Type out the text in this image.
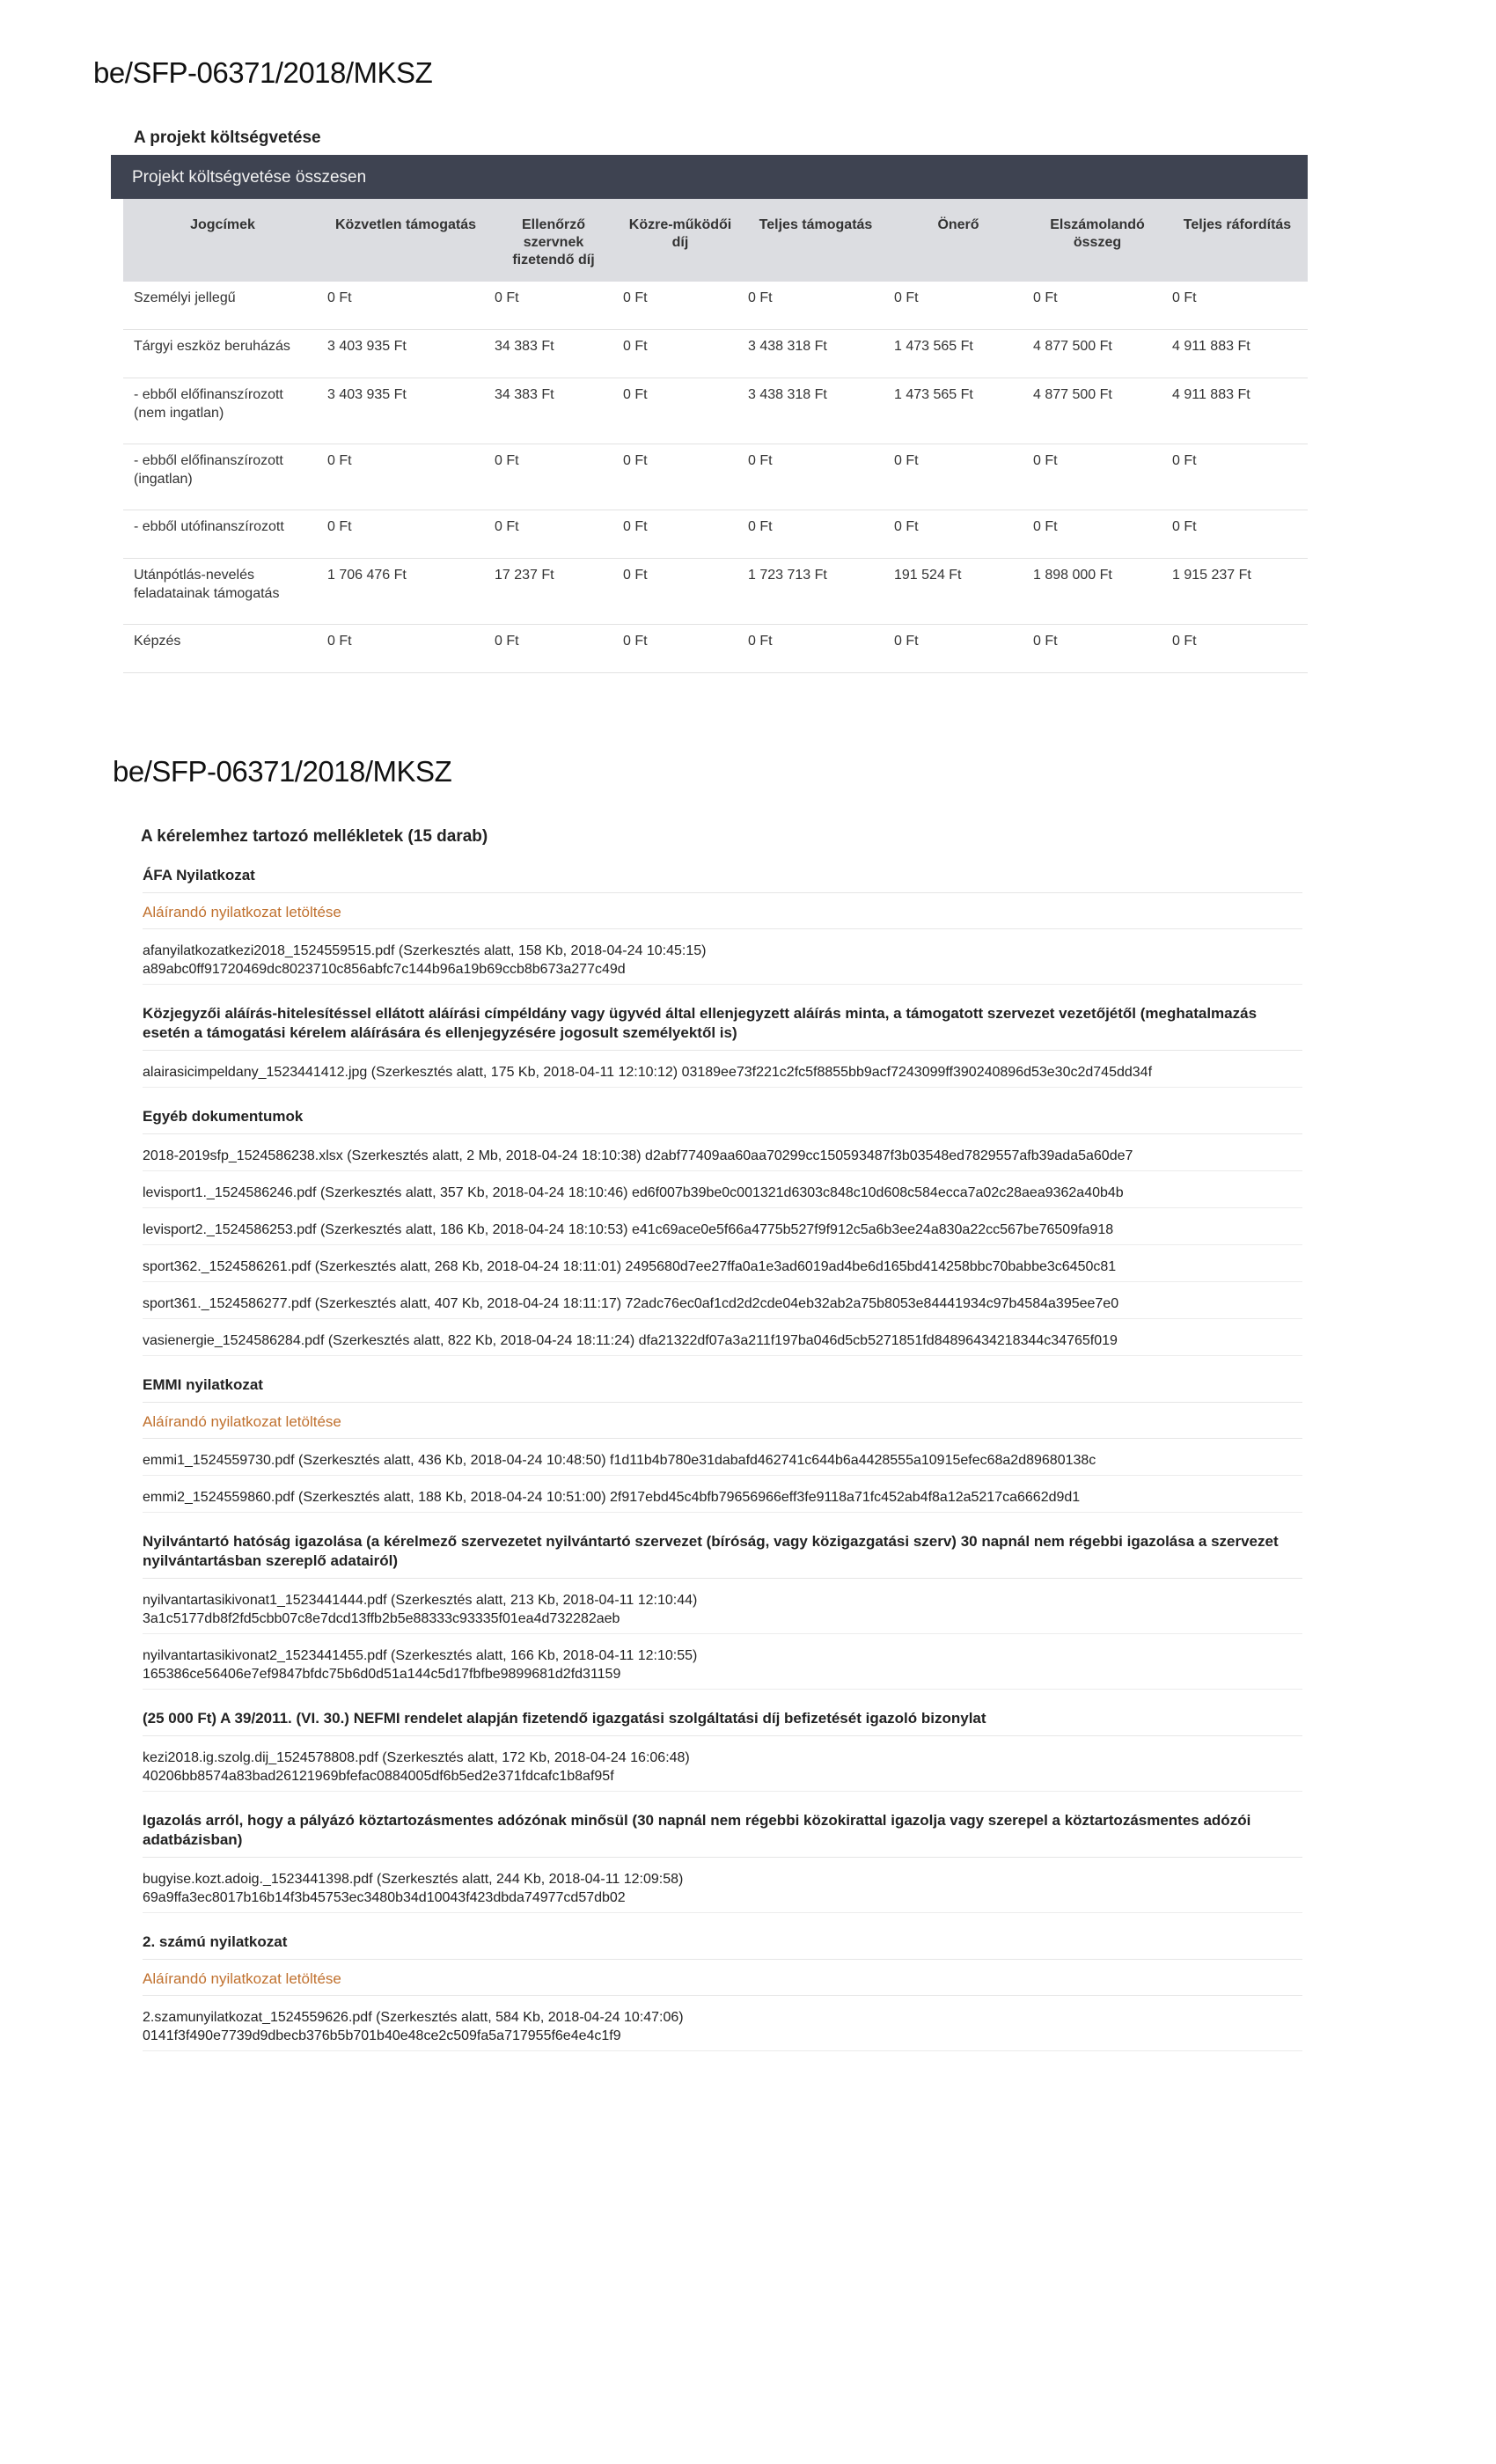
be/SFP-06371/2018/MKSZ
A projekt költségvetése
Projekt költségvetése összesen
Jogcímek	Közvetlen támogatás	Ellenőrző szervnek fizetendő díj	Közre-működői díj	Teljes támogatás	Önerő	Elszámolandó összeg	Teljes ráfordítás
Személyi jellegű	0 Ft	0 Ft	0 Ft	0 Ft	0 Ft	0 Ft	0 Ft
Tárgyi eszköz beruházás	3 403 935 Ft	34 383 Ft	0 Ft	3 438 318 Ft	1 473 565 Ft	4 877 500 Ft	4 911 883 Ft
- ebből előfinanszírozott (nem ingatlan)	3 403 935 Ft	34 383 Ft	0 Ft	3 438 318 Ft	1 473 565 Ft	4 877 500 Ft	4 911 883 Ft
- ebből előfinanszírozott (ingatlan)	0 Ft	0 Ft	0 Ft	0 Ft	0 Ft	0 Ft	0 Ft
- ebből utófinanszírozott	0 Ft	0 Ft	0 Ft	0 Ft	0 Ft	0 Ft	0 Ft
Utánpótlás-nevelés feladatainak támogatás	1 706 476 Ft	17 237 Ft	0 Ft	1 723 713 Ft	191 524 Ft	1 898 000 Ft	1 915 237 Ft
Képzés	0 Ft	0 Ft	0 Ft	0 Ft	0 Ft	0 Ft	0 Ft
be/SFP-06371/2018/MKSZ
A kérelemhez tartozó mellékletek (15 darab)
ÁFA Nyilatkozat
Aláírandó nyilatkozat letöltése
afanyilatkozatkezi2018_1524559515.pdf (Szerkesztés alatt, 158 Kb, 2018-04-24 10:45:15)
a89abc0ff91720469dc8023710c856abfc7c144b96a19b69ccb8b673a277c49d
Közjegyzői aláírás-hitelesítéssel ellátott aláírási címpéldány vagy ügyvéd által ellenjegyzett aláírás minta, a támogatott szervezet vezetőjétől (meghatalmazás esetén a támogatási kérelem aláírására és ellenjegyzésére jogosult személyektől is)
alairasicimpeldany_1523441412.jpg (Szerkesztés alatt, 175 Kb, 2018-04-11 12:10:12) 03189ee73f221c2fc5f8855bb9acf7243099ff390240896d53e30c2d745dd34f
Egyéb dokumentumok
2018-2019sfp_1524586238.xlsx (Szerkesztés alatt, 2 Mb, 2018-04-24 18:10:38) d2abf77409aa60aa70299cc150593487f3b03548ed7829557afb39ada5a60de7
levisport1._1524586246.pdf (Szerkesztés alatt, 357 Kb, 2018-04-24 18:10:46) ed6f007b39be0c001321d6303c848c10d608c584ecca7a02c28aea9362a40b4b
levisport2._1524586253.pdf (Szerkesztés alatt, 186 Kb, 2018-04-24 18:10:53) e41c69ace0e5f66a4775b527f9f912c5a6b3ee24a830a22cc567be76509fa918
sport362._1524586261.pdf (Szerkesztés alatt, 268 Kb, 2018-04-24 18:11:01) 2495680d7ee27ffa0a1e3ad6019ad4be6d165bd414258bbc70babbe3c6450c81
sport361._1524586277.pdf (Szerkesztés alatt, 407 Kb, 2018-04-24 18:11:17) 72adc76ec0af1cd2d2cde04eb32ab2a75b8053e84441934c97b4584a395ee7e0
vasienergie_1524586284.pdf (Szerkesztés alatt, 822 Kb, 2018-04-24 18:11:24) dfa21322df07a3a211f197ba046d5cb5271851fd84896434218344c34765f019
EMMI nyilatkozat
Aláírandó nyilatkozat letöltése
emmi1_1524559730.pdf (Szerkesztés alatt, 436 Kb, 2018-04-24 10:48:50) f1d11b4b780e31dabafd462741c644b6a4428555a10915efec68a2d89680138c
emmi2_1524559860.pdf (Szerkesztés alatt, 188 Kb, 2018-04-24 10:51:00) 2f917ebd45c4bfb79656966eff3fe9118a71fc452ab4f8a12a5217ca6662d9d1
Nyilvántartó hatóság igazolása (a kérelmező szervezetet nyilvántartó szervezet (bíróság, vagy közigazgatási szerv) 30 napnál nem régebbi igazolása a szervezet nyilvántartásban szereplő adatairól)
nyilvantartasikivonat1_1523441444.pdf (Szerkesztés alatt, 213 Kb, 2018-04-11 12:10:44)
3a1c5177db8f2fd5cbb07c8e7dcd13ffb2b5e88333c93335f01ea4d732282aeb
nyilvantartasikivonat2_1523441455.pdf (Szerkesztés alatt, 166 Kb, 2018-04-11 12:10:55)
165386ce56406e7ef9847bfdc75b6d0d51a144c5d17fbfbe9899681d2fd31159
(25 000 Ft) A 39/2011. (VI. 30.) NEFMI rendelet alapján fizetendő igazgatási szolgáltatási díj befizetését igazoló bizonylat
kezi2018.ig.szolg.dij_1524578808.pdf (Szerkesztés alatt, 172 Kb, 2018-04-24 16:06:48)
40206bb8574a83bad26121969bfefac0884005df6b5ed2e371fdcafc1b8af95f
Igazolás arról, hogy a pályázó köztartozásmentes adózónak minősül (30 napnál nem régebbi közokirattal igazolja vagy szerepel a köztartozásmentes adózói adatbázisban)
bugyise.kozt.adoig._1523441398.pdf (Szerkesztés alatt, 244 Kb, 2018-04-11 12:09:58)
69a9ffa3ec8017b16b14f3b45753ec3480b34d10043f423dbda74977cd57db02
2. számú nyilatkozat
Aláírandó nyilatkozat letöltése
2.szamunyilatkozat_1524559626.pdf (Szerkesztés alatt, 584 Kb, 2018-04-24 10:47:06)
0141f3f490e7739d9dbecb376b5b701b40e48ce2c509fa5a717955f6e4e4c1f9
